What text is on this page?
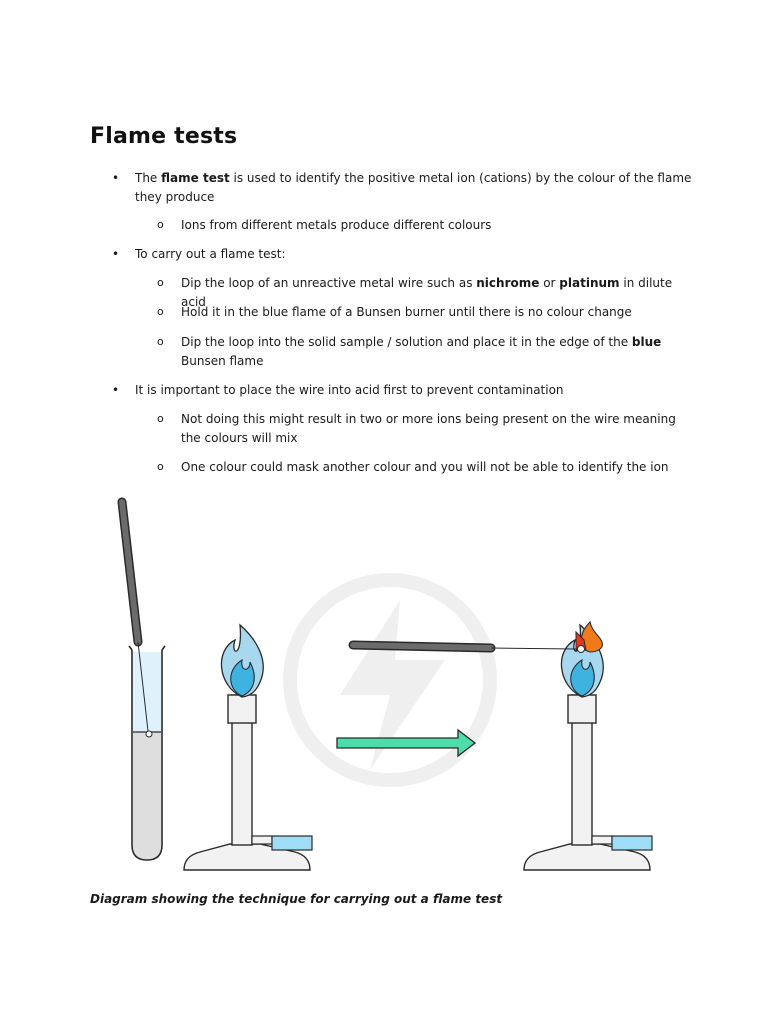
Flame tests
• The flame test is used to identify the positive metal ion (cations) by the colour of the flame they produce
o Ions from different metals produce different colours
• To carry out a flame test:
o Dip the loop of an unreactive metal wire such as nichrome or platinum in dilute acid
o Hold it in the blue flame of a Bunsen burner until there is no colour change
o Dip the loop into the solid sample / solution and place it in the edge of the blue Bunsen flame
• It is important to place the wire into acid first to prevent contamination
o Not doing this might result in two or more ions being present on the wire meaning the colours will mix
o One colour could mask another colour and you will not be able to identify the ion
Diagram showing the technique for carrying out a flame test
